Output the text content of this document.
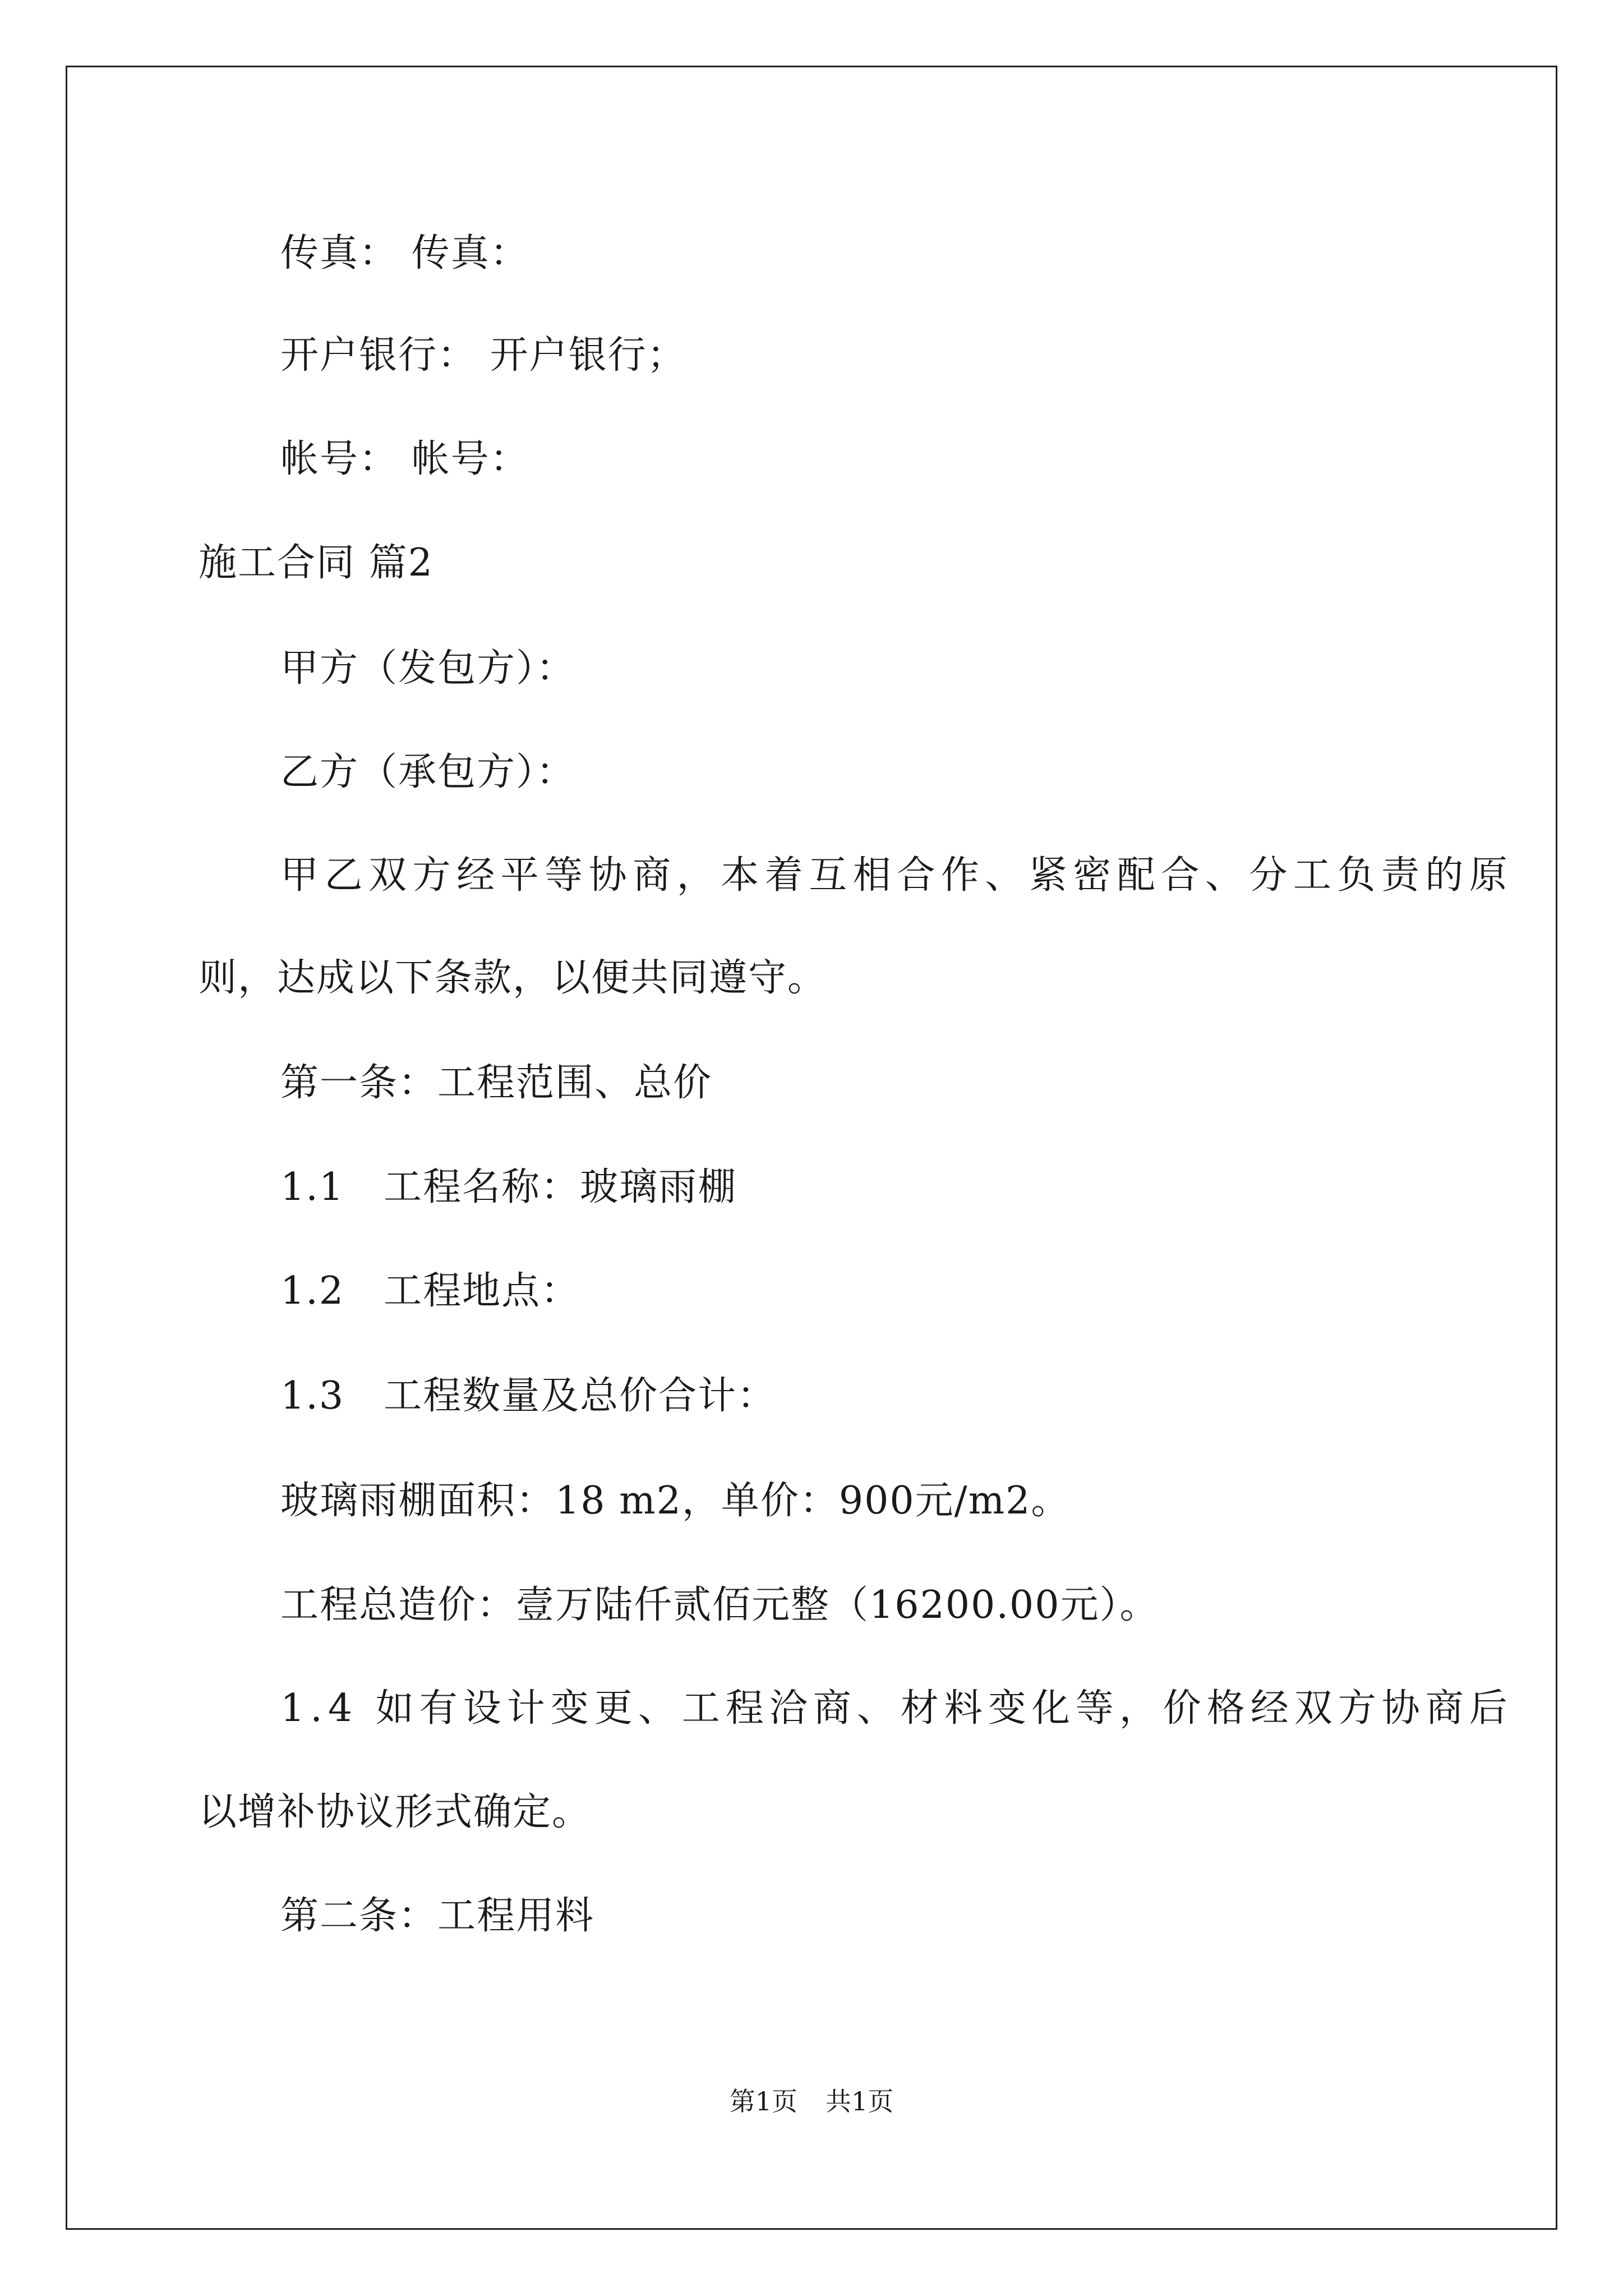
传真： 传真：
开户银行： 开户银行；
帐号： 帐号：
施工合同 篇2
甲方（发包方）：
乙方（承包方）：
甲 乙 双 方 经 平 等 协 商 ， 本 着 互 相 合 作 、 紧 密 配 合 、 分 工 负 责 的 原
则，达成以下条款，以便共同遵守。
第一条：工程范围、总价
1.1　工程名称：玻璃雨棚
1.2　工程地点：
1.3　工程数量及总价合计：
玻璃雨棚面积：18 m2，单价：900元/m2。
工程总造价：壹万陆仟贰佰元整（16200.00元）。
1 . 4
如 有 设 计 变 更 、 工 程 洽 商 、 材 料 变 化 等 ， 价 格 经 双 方 协 商 后
以增补协议形式确定。
第二条：工程用料
第1页 共1页
